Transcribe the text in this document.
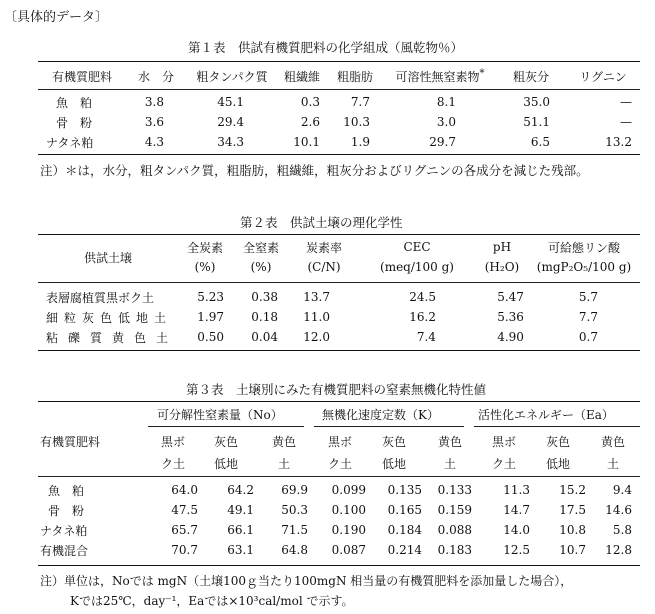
〔具体的データ〕
第１表　供試有機質肥料の化学組成（風乾物％）
有機質肥料	水　分	粗タンパク質	粗繊維	粗脂肪	可溶性無窒素物*	粗灰分	リグニン
魚　粕	3.8	45.1	0.3	7.7	8.1	35.0	—
骨　粉	3.6	29.4	2.6	10.3	3.0	51.1	—
ナタネ粕	4.3	34.3	10.1	1.9	29.7	6.5	13.2
注）＊は，水分，粗タンパク質，粗脂肪，粗繊維，粗灰分およびリグニンの各成分を減じた残部。
第２表　供試土壌の理化学性
供試土壌	全炭素	全窒素	炭素率	CEC	pH	可給態リン酸
	(%)	(%)	(C/N)	(meq/100 g)	(H₂O)	(mgP₂O₅/100 g)
表層腐植質黒ボク土	5.23	0.38	13.7	24.5	5.47	5.7
細粒灰色低地土	1.97	0.18	11.0	16.2	5.36	7.7
粘礫質黄色土	0.50	0.04	12.0	7.4	4.90	0.7
第３表　土壌別にみた有機質肥料の窒素無機化特性値
可分解性窒素量（No）	無機化速度定数（K）	活性化エネルギー（Ea）
有機質肥料	黒ボ	灰色	黄色	黒ボ	灰色	黄色	黒ボ	灰色	黄色
ク土	低地	土	ク土	低地	土	ク土	低地	土
魚　粕	64.0	64.2	69.9	0.099	0.135	0.133	11.3	15.2	9.4
骨　粉	47.5	49.1	50.3	0.100	0.165	0.159	14.7	17.5	14.6
ナタネ粕	65.7	66.1	71.5	0.190	0.184	0.088	14.0	10.8	5.8
有機混合	70.7	63.1	64.8	0.087	0.214	0.183	12.5	10.7	12.8
注）単位は，Noでは mgN（土壌100ｇ当たり100mgN 相当量の有機質肥料を添加量した場合），
Kでは25℃，day⁻¹，Eaでは×10³cal/mol で示す。
